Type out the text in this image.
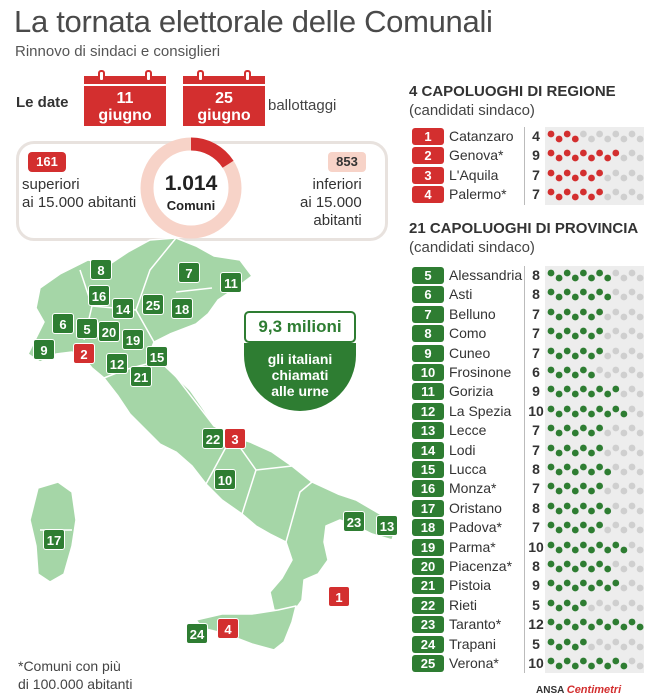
La tornata elettorale delle Comunali
Rinnovo di sindaci e consiglieri
Le date	11
giugno
25
giugno
ballottaggi
161	853
superiori
ai 15.000 abitanti
inferiori
ai 15.000
abitanti
1.014
Comuni
8	7
11
16
14 25 18
6	5 20
19
9	2
12 15
21
22 3
10
23 13
17
1
24	4
9,3 milioni
gli italiani
chiamati
alle urne
*Comuni con più
di 100.000 abitanti	ANSA Centimetri
4 CAPOLUOGHI DI REGIONE
(candidati sindaco)
1	Catanzaro 4
2	Genova* 9
3	L'Aquila 7
4	Palermo* 7
21 CAPOLUOGHI DI PROVINCIA
(candidati sindaco)
5	Alessandria 8
6	Asti	8
7	Belluno	7
8	Como	7
9	Cuneo	7
10 Frosinone 6
11	Gorizia	9
12 La Spezia 10
13 Lecce	7
14 Lodi	7
15 Lucca	8
16 Monza*	7
17 Oristano 8
18 Padova* 7
19 Parma* 10
20 Piacenza* 8
21 Pistoia	9
22 Rieti	5
23 Taranto* 12
24 Trapani	5
25 Verona* 10
